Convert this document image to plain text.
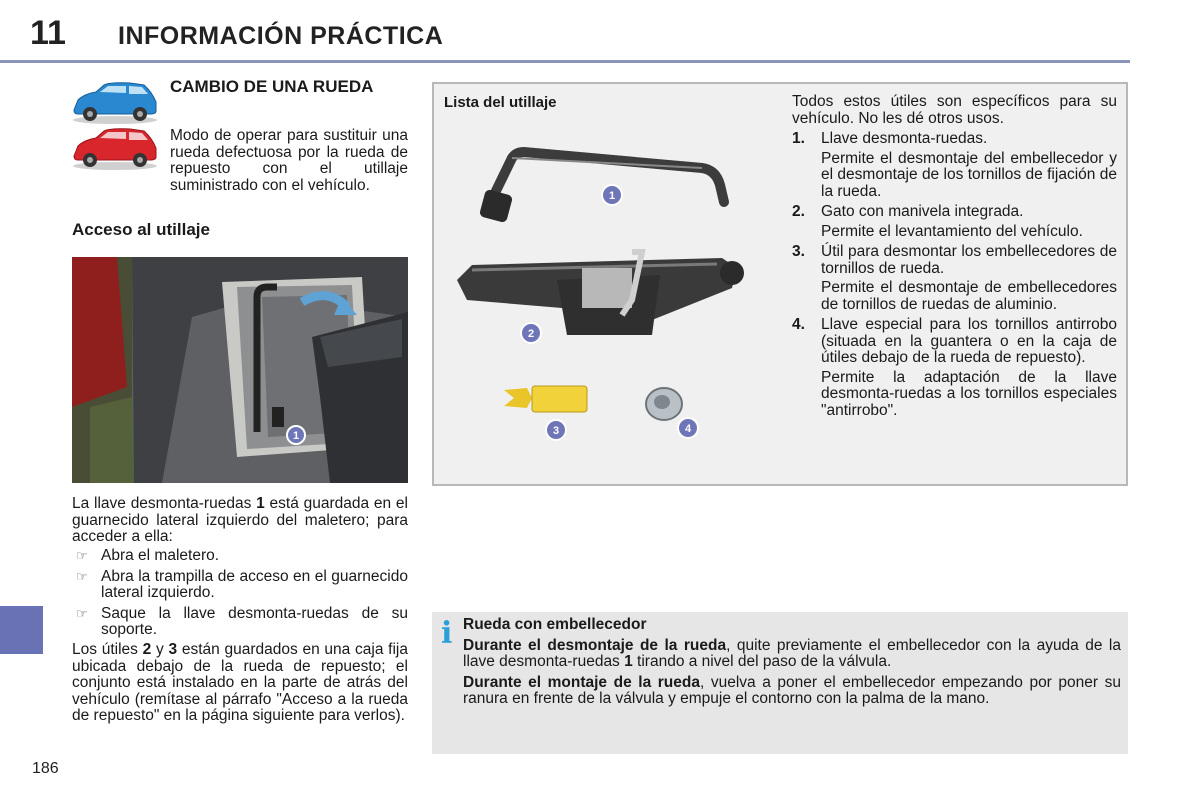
11 INFORMACIÓN PRÁCTICA
186
CAMBIO DE UNA RUEDA
Modo de operar para sustituir una rueda defectuosa por la rueda de repuesto con el utillaje suministrado con el vehículo.
Acceso al utillaje
1
La llave desmonta-ruedas 1 está guardada en el guarnecido lateral izquierdo del maletero; para acceder a ella:
☞ Abra el maletero.
☞ Abra la trampilla de acceso en el guarnecido lateral izquierdo.
☞ Saque la llave desmonta-ruedas de su soporte.
Los útiles 2 y 3 están guardados en una caja fija ubicada debajo de la rueda de repuesto; el conjunto está instalado en la parte de atrás del vehículo (remítase al párrafo "Acceso a la rueda de repuesto" en la página siguiente para verlos).
Lista del utillaje
1
2
3	4
Todos estos útiles son específicos para su vehículo. No les dé otros usos.
1. Llave desmonta-ruedas.
Permite el desmontaje del embellecedor y el desmontaje de los tornillos de fijación de la rueda.
2. Gato con manivela integrada.
Permite el levantamiento del vehículo.
3. Útil para desmontar los embellecedores de tornillos de rueda.
Permite el desmontaje de embellecedores de tornillos de ruedas de aluminio.
4. Llave especial para los tornillos antirrobo (situada en la guantera o en la caja de útiles debajo de la rueda de repuesto).
Permite la adaptación de la llave desmonta-ruedas a los tornillos especiales "antirrobo".
i Rueda con embellecedor
Durante el desmontaje de la rueda, quite previamente el embellecedor con la ayuda de la llave desmonta-ruedas 1 tirando a nivel del paso de la válvula.
Durante el montaje de la rueda, vuelva a poner el embellecedor empezando por poner su ranura en frente de la válvula y empuje el contorno con la palma de la mano.
